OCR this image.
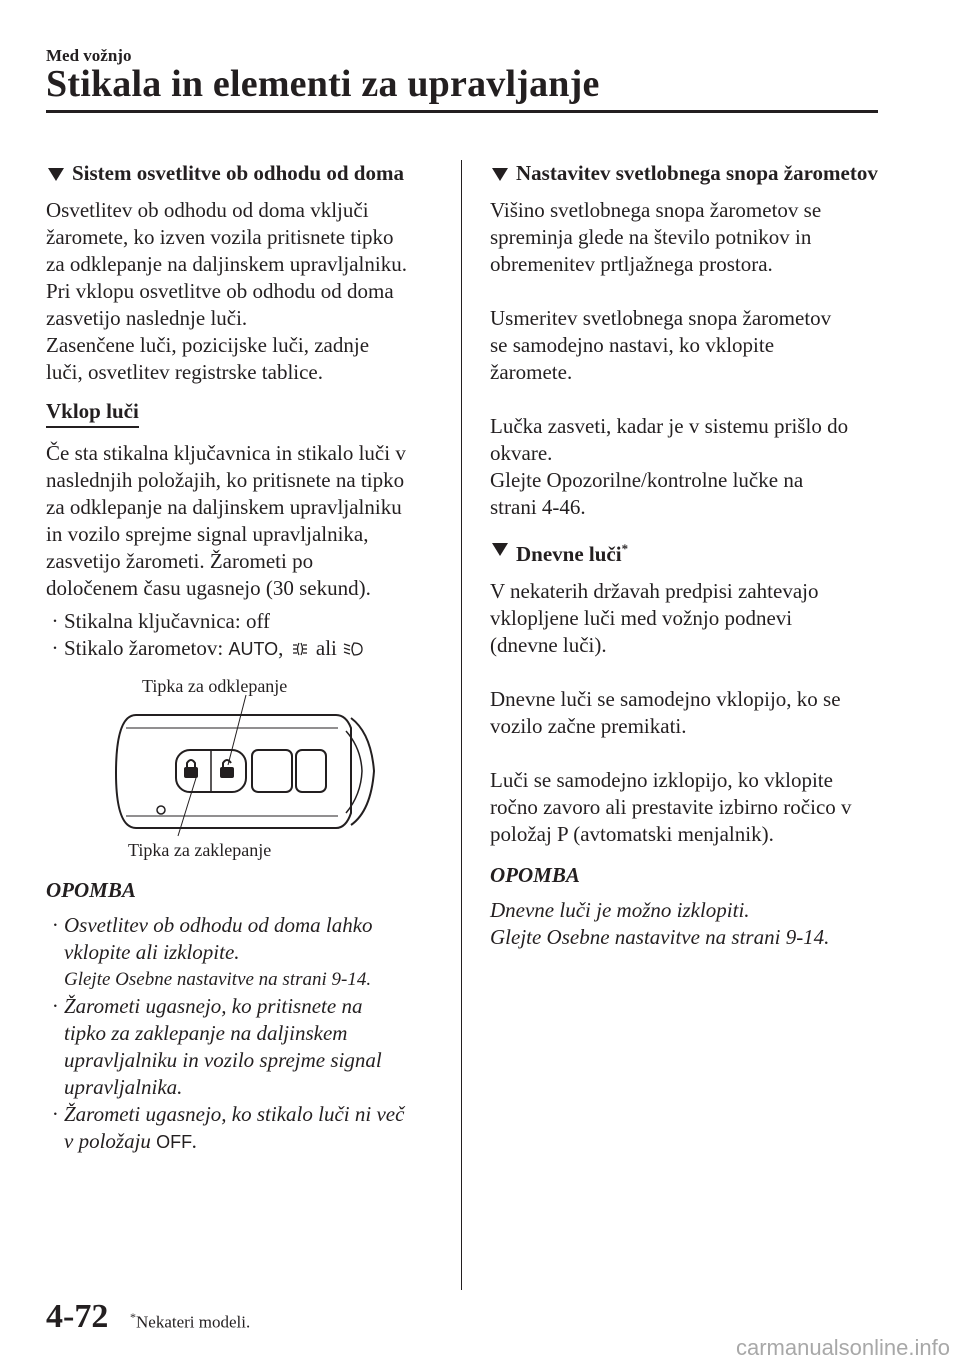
Med vožnjo
Stikala in elementi za upravljanje
Sistem osvetlitve ob odhodu od doma

Osvetlitev ob odhodu od doma vključi

žaromete, ko izven vozila pritisnete tipko

za odklepanje na daljinskem upravljalniku.

Pri vklopu osvetlitve ob odhodu od doma

zasvetijo naslednje luči.

Zasenčene luči, pozicijske luči, zadnje

luči, osvetlitev registrske tablice.

Vklop luči

Če sta stikalna ključavnica in stikalo luči v

naslednjih položajih, ko pritisnete na tipko

za odklepanje na daljinskem upravljalniku

in vozilo sprejme signal upravljalnika,

zasvetijo žarometi. Žarometi po

določenem času ugasnejo (30 sekund).

· Stikalna ključavnica: off
· Stikalo žarometov: AUTO,  ali
Tipka za odklepanje
Tipka za zaklepanje
OPOMBA
· Osvetlitev ob odhodu od doma lahko

vklopite ali izklopite.

Glejte Osebne nastavitve na strani 9-14.

· Žarometi ugasnejo, ko pritisnete na

tipko za zaklepanje na daljinskem

upravljalniku in vozilo sprejme signal

upravljalnika.

· Žarometi ugasnejo, ko stikalo luči ni več

v položaju OFF.

Nastavitev svetlobnega snopa žarometov

Višino svetlobnega snopa žarometov se

spreminja glede na število potnikov in

obremenitev prtljažnega prostora.

Usmeritev svetlobnega snopa žarometov

se samodejno nastavi, ko vklopite

žaromete.

Lučka zasveti, kadar je v sistemu prišlo do

okvare.

Glejte Opozorilne/kontrolne lučke na

strani 4-46.

Dnevne luči*

V nekaterih državah predpisi zahtevajo

vklopljene luči med vožnjo podnevi

(dnevne luči).

Dnevne luči se samodejno vklopijo, ko se

vozilo začne premikati.

Luči se samodejno izklopijo, ko vklopite

ročno zavoro ali prestavite izbirno ročico v

položaj P (avtomatski menjalnik).

OPOMBA

Dnevne luči je možno izklopiti.

Glejte Osebne nastavitve na strani 9-14.

4-72 *Nekateri modeli.
carmanualsonline.info
